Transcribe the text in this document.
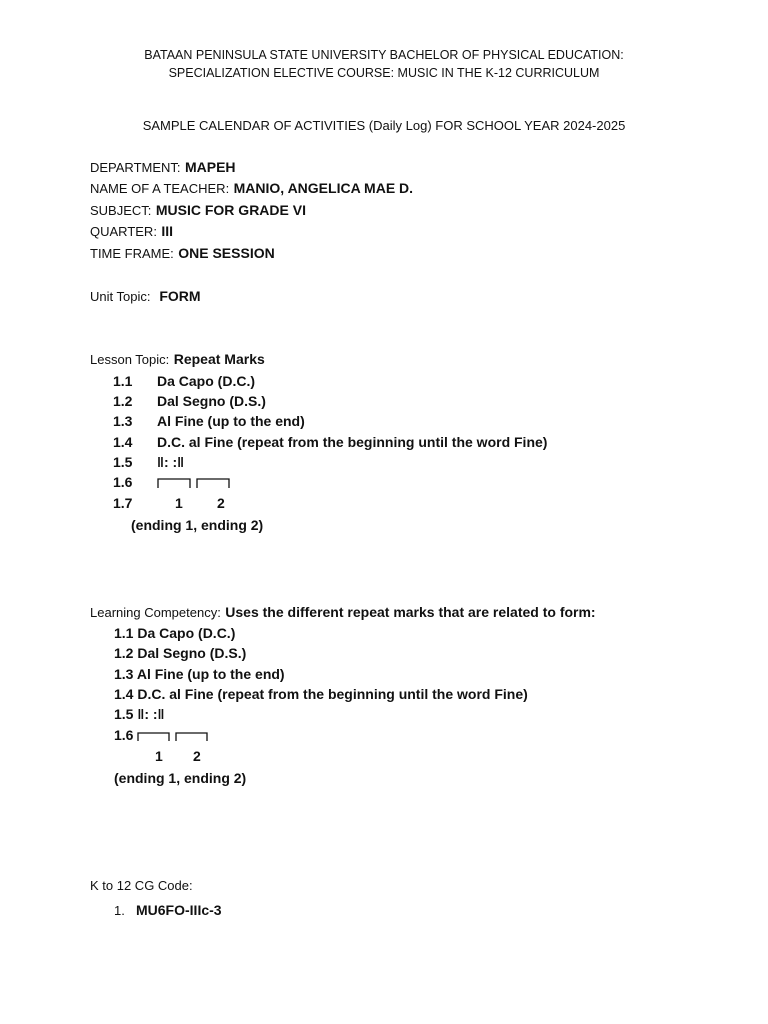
BATAAN PENINSULA STATE UNIVERSITY BACHELOR OF PHYSICAL EDUCATION:
SPECIALIZATION ELECTIVE COURSE: MUSIC IN THE K-12 CURRICULUM
SAMPLE CALENDAR OF ACTIVITIES (Daily Log) FOR SCHOOL YEAR 2024-2025
DEPARTMENT: MAPEH
NAME OF A TEACHER: MANIO, ANGELICA MAE D.
SUBJECT: MUSIC FOR GRADE VI
QUARTER: III
TIME FRAME: ONE SESSION
Unit Topic: FORM
Lesson Topic: Repeat Marks
1.1 Da Capo (D.C.)
1.2 Dal Segno (D.S.)
1.3 Al Fine (up to the end)
1.4 D.C. al Fine (repeat from the beginning until the word Fine)
1.5 ‖: :‖
1.6
1.7	1 2
(ending 1, ending 2)
Learning Competency: Uses the different repeat marks that are related to form:
1.1 Da Capo (D.C.)
1.2 Dal Segno (D.S.)
1.3 Al Fine (up to the end)
1.4 D.C. al Fine (repeat from the beginning until the word Fine)
1.5 ‖: :‖
1.6
1 2
(ending 1, ending 2)
K to 12 CG Code:
1. MU6FO-IIIc-3
